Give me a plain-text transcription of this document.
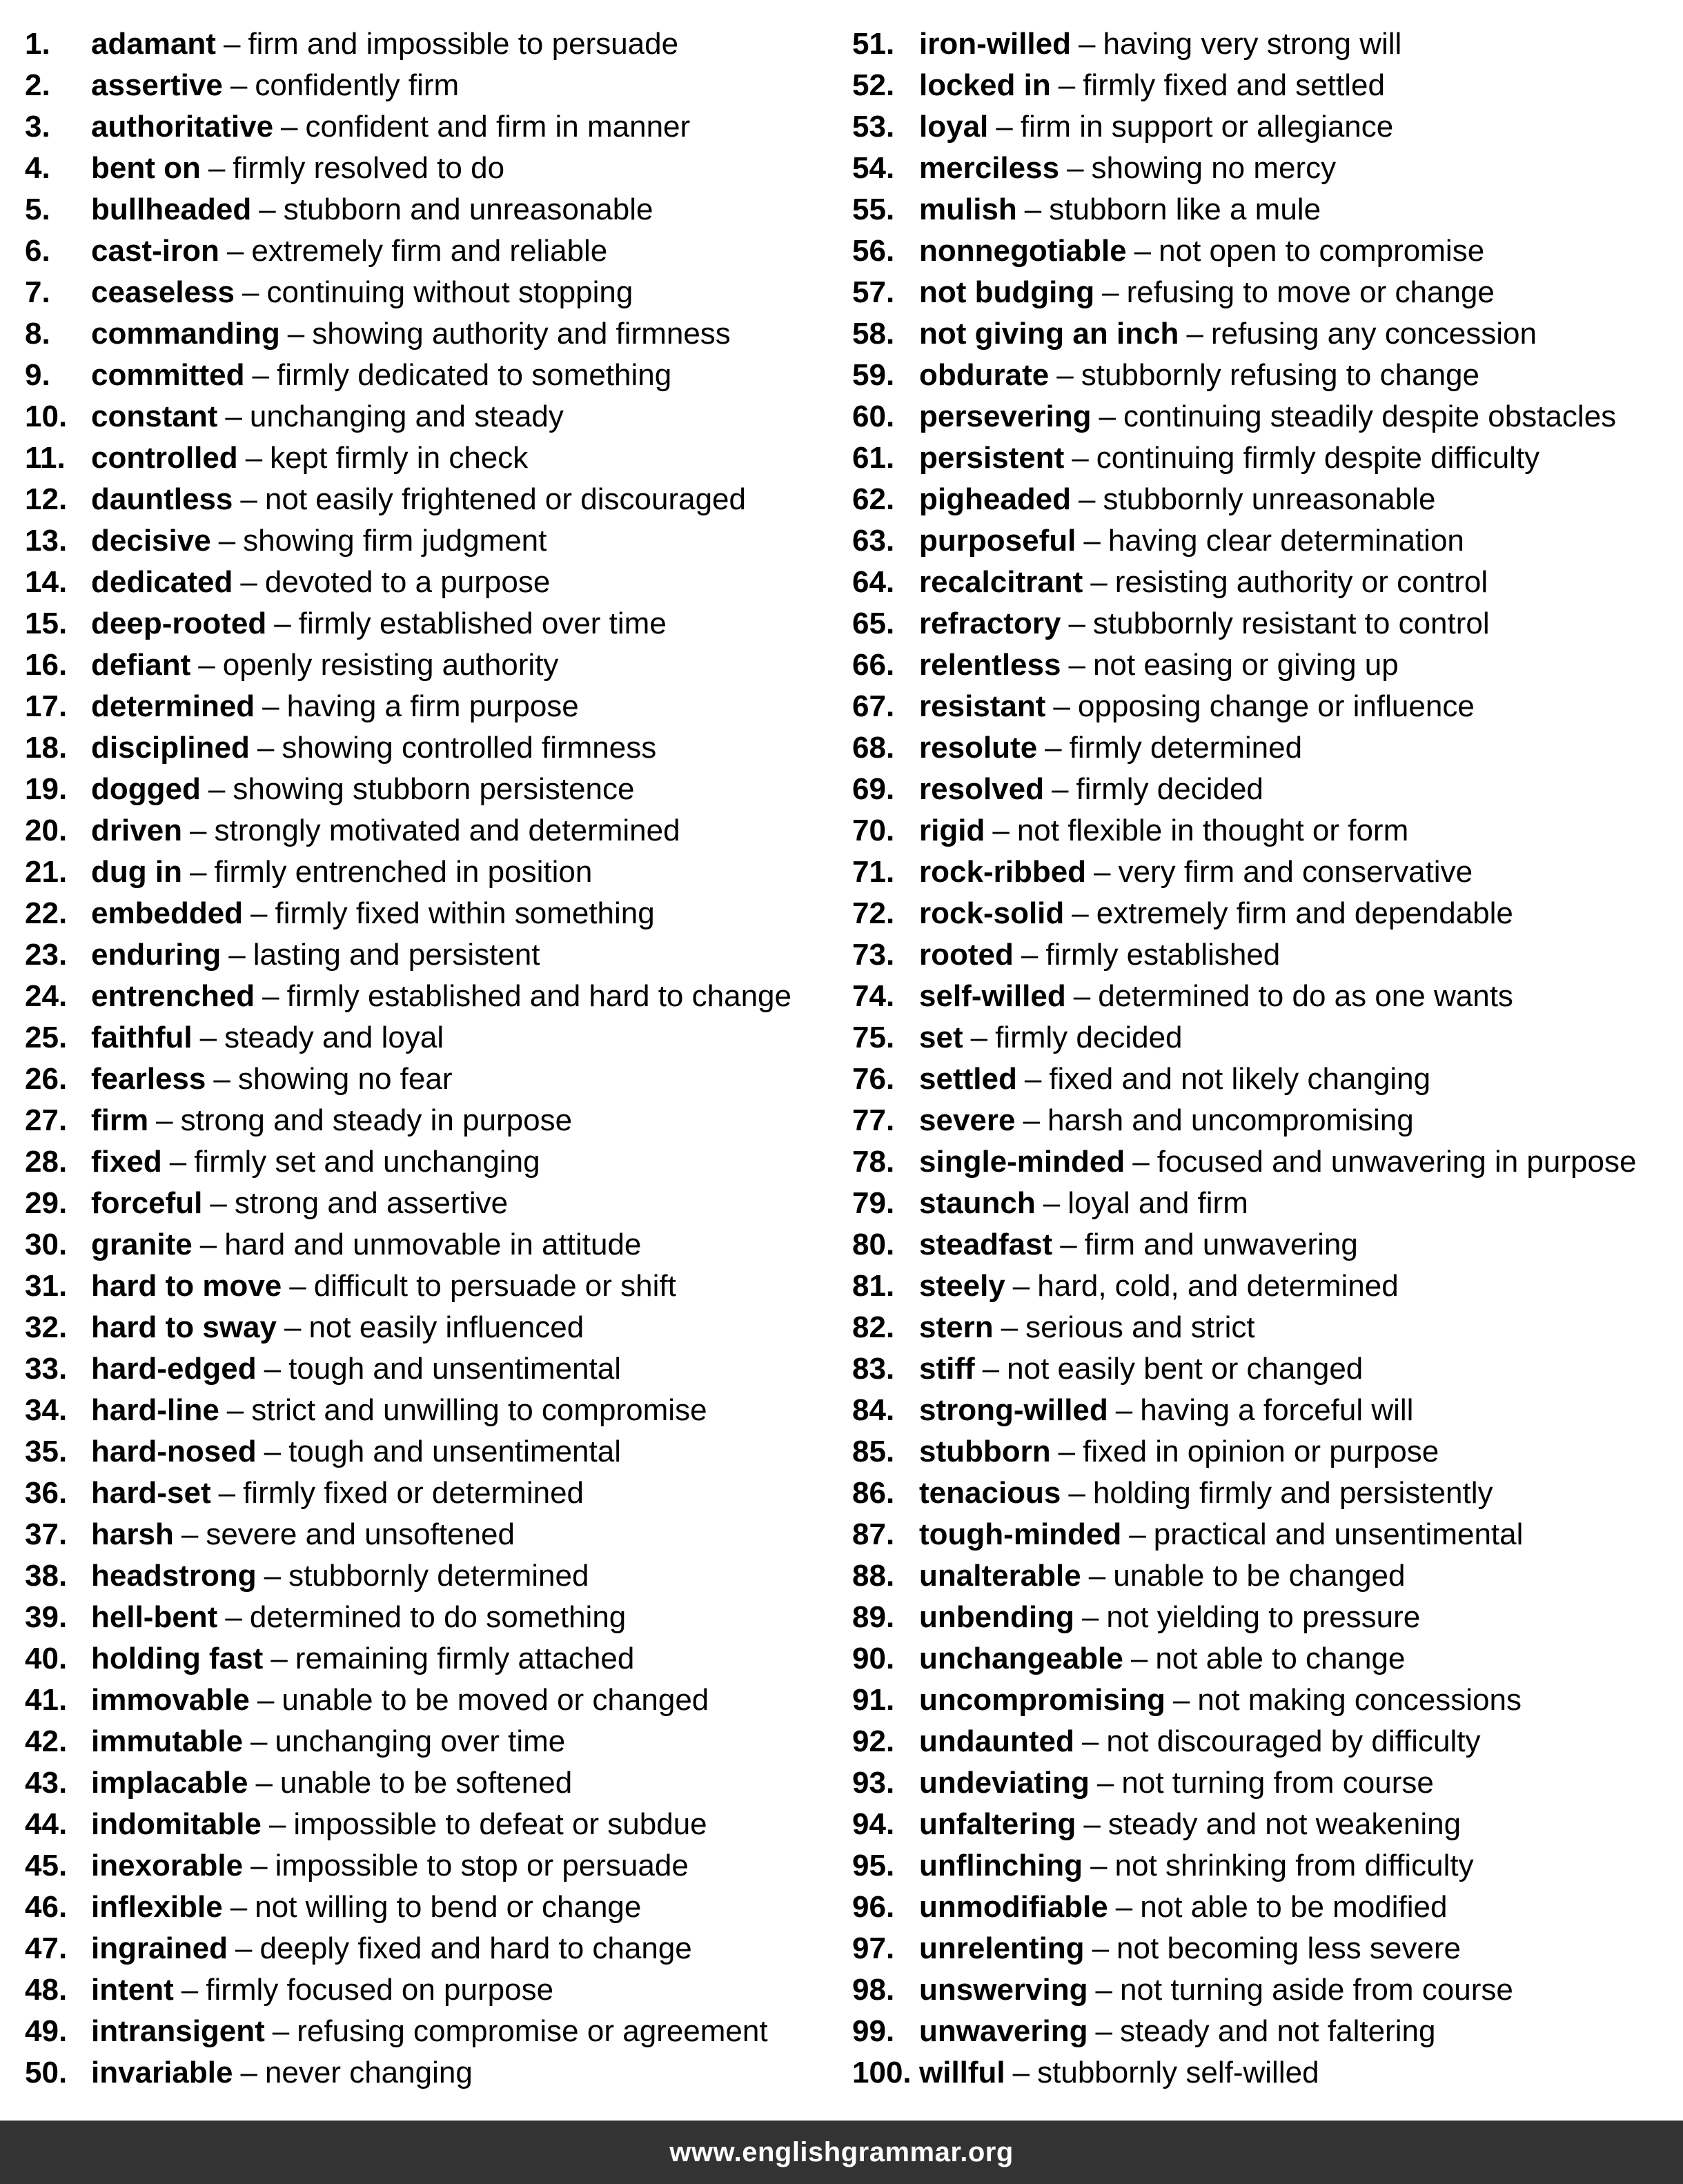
1.	adamant – firm and impossible to persuade
2.	assertive – confidently firm
3.	authoritative – confident and firm in manner
4.	bent on – firmly resolved to do
5.	bullheaded – stubborn and unreasonable
6.	cast-iron – extremely firm and reliable
7.	ceaseless – continuing without stopping
8.	commanding – showing authority and firmness
9.	committed – firmly dedicated to something
10. constant – unchanging and steady
11. controlled – kept firmly in check
12. dauntless – not easily frightened or discouraged
13. decisive – showing firm judgment
14. dedicated – devoted to a purpose
15. deep-rooted – firmly established over time
16. defiant – openly resisting authority
17. determined – having a firm purpose
18. disciplined – showing controlled firmness
19. dogged – showing stubborn persistence
20. driven – strongly motivated and determined
21. dug in – firmly entrenched in position
22. embedded – firmly fixed within something
23. enduring – lasting and persistent
24. entrenched – firmly established and hard to change
25. faithful – steady and loyal
26. fearless – showing no fear
27. firm – strong and steady in purpose
28. fixed – firmly set and unchanging
29. forceful – strong and assertive
30. granite – hard and unmovable in attitude
31. hard to move – difficult to persuade or shift
32. hard to sway – not easily influenced
33. hard-edged – tough and unsentimental
34. hard-line – strict and unwilling to compromise
35. hard-nosed – tough and unsentimental
36. hard-set – firmly fixed or determined
37. harsh – severe and unsoftened
38. headstrong – stubbornly determined
39. hell-bent – determined to do something
40. holding fast – remaining firmly attached
41. immovable – unable to be moved or changed
42. immutable – unchanging over time
43. implacable – unable to be softened
44. indomitable – impossible to defeat or subdue
45. inexorable – impossible to stop or persuade
46. inflexible – not willing to bend or change
47. ingrained – deeply fixed and hard to change
48. intent – firmly focused on purpose
49. intransigent – refusing compromise or agreement
50. invariable – never changing
51. iron-willed – having very strong will
52. locked in – firmly fixed and settled
53. loyal – firm in support or allegiance
54. merciless – showing no mercy
55. mulish – stubborn like a mule
56. nonnegotiable – not open to compromise
57. not budging – refusing to move or change
58. not giving an inch – refusing any concession
59. obdurate – stubbornly refusing to change
60. persevering – continuing steadily despite obstacles
61. persistent – continuing firmly despite difficulty
62. pigheaded – stubbornly unreasonable
63. purposeful – having clear determination
64. recalcitrant – resisting authority or control
65. refractory – stubbornly resistant to control
66. relentless – not easing or giving up
67. resistant – opposing change or influence
68. resolute – firmly determined
69. resolved – firmly decided
70. rigid – not flexible in thought or form
71. rock-ribbed – very firm and conservative
72. rock-solid – extremely firm and dependable
73. rooted – firmly established
74. self-willed – determined to do as one wants
75. set – firmly decided
76. settled – fixed and not likely changing
77. severe – harsh and uncompromising
78. single-minded – focused and unwavering in purpose
79. staunch – loyal and firm
80. steadfast – firm and unwavering
81. steely – hard, cold, and determined
82. stern – serious and strict
83. stiff – not easily bent or changed
84. strong-willed – having a forceful will
85. stubborn – fixed in opinion or purpose
86. tenacious – holding firmly and persistently
87. tough-minded – practical and unsentimental
88. unalterable – unable to be changed
89. unbending – not yielding to pressure
90. unchangeable – not able to change
91. uncompromising – not making concessions
92. undaunted – not discouraged by difficulty
93. undeviating – not turning from course
94. unfaltering – steady and not weakening
95. unflinching – not shrinking from difficulty
96. unmodifiable – not able to be modified
97. unrelenting – not becoming less severe
98. unswerving – not turning aside from course
99. unwavering – steady and not faltering
100. willful – stubbornly self-willed
www.englishgrammar.org
